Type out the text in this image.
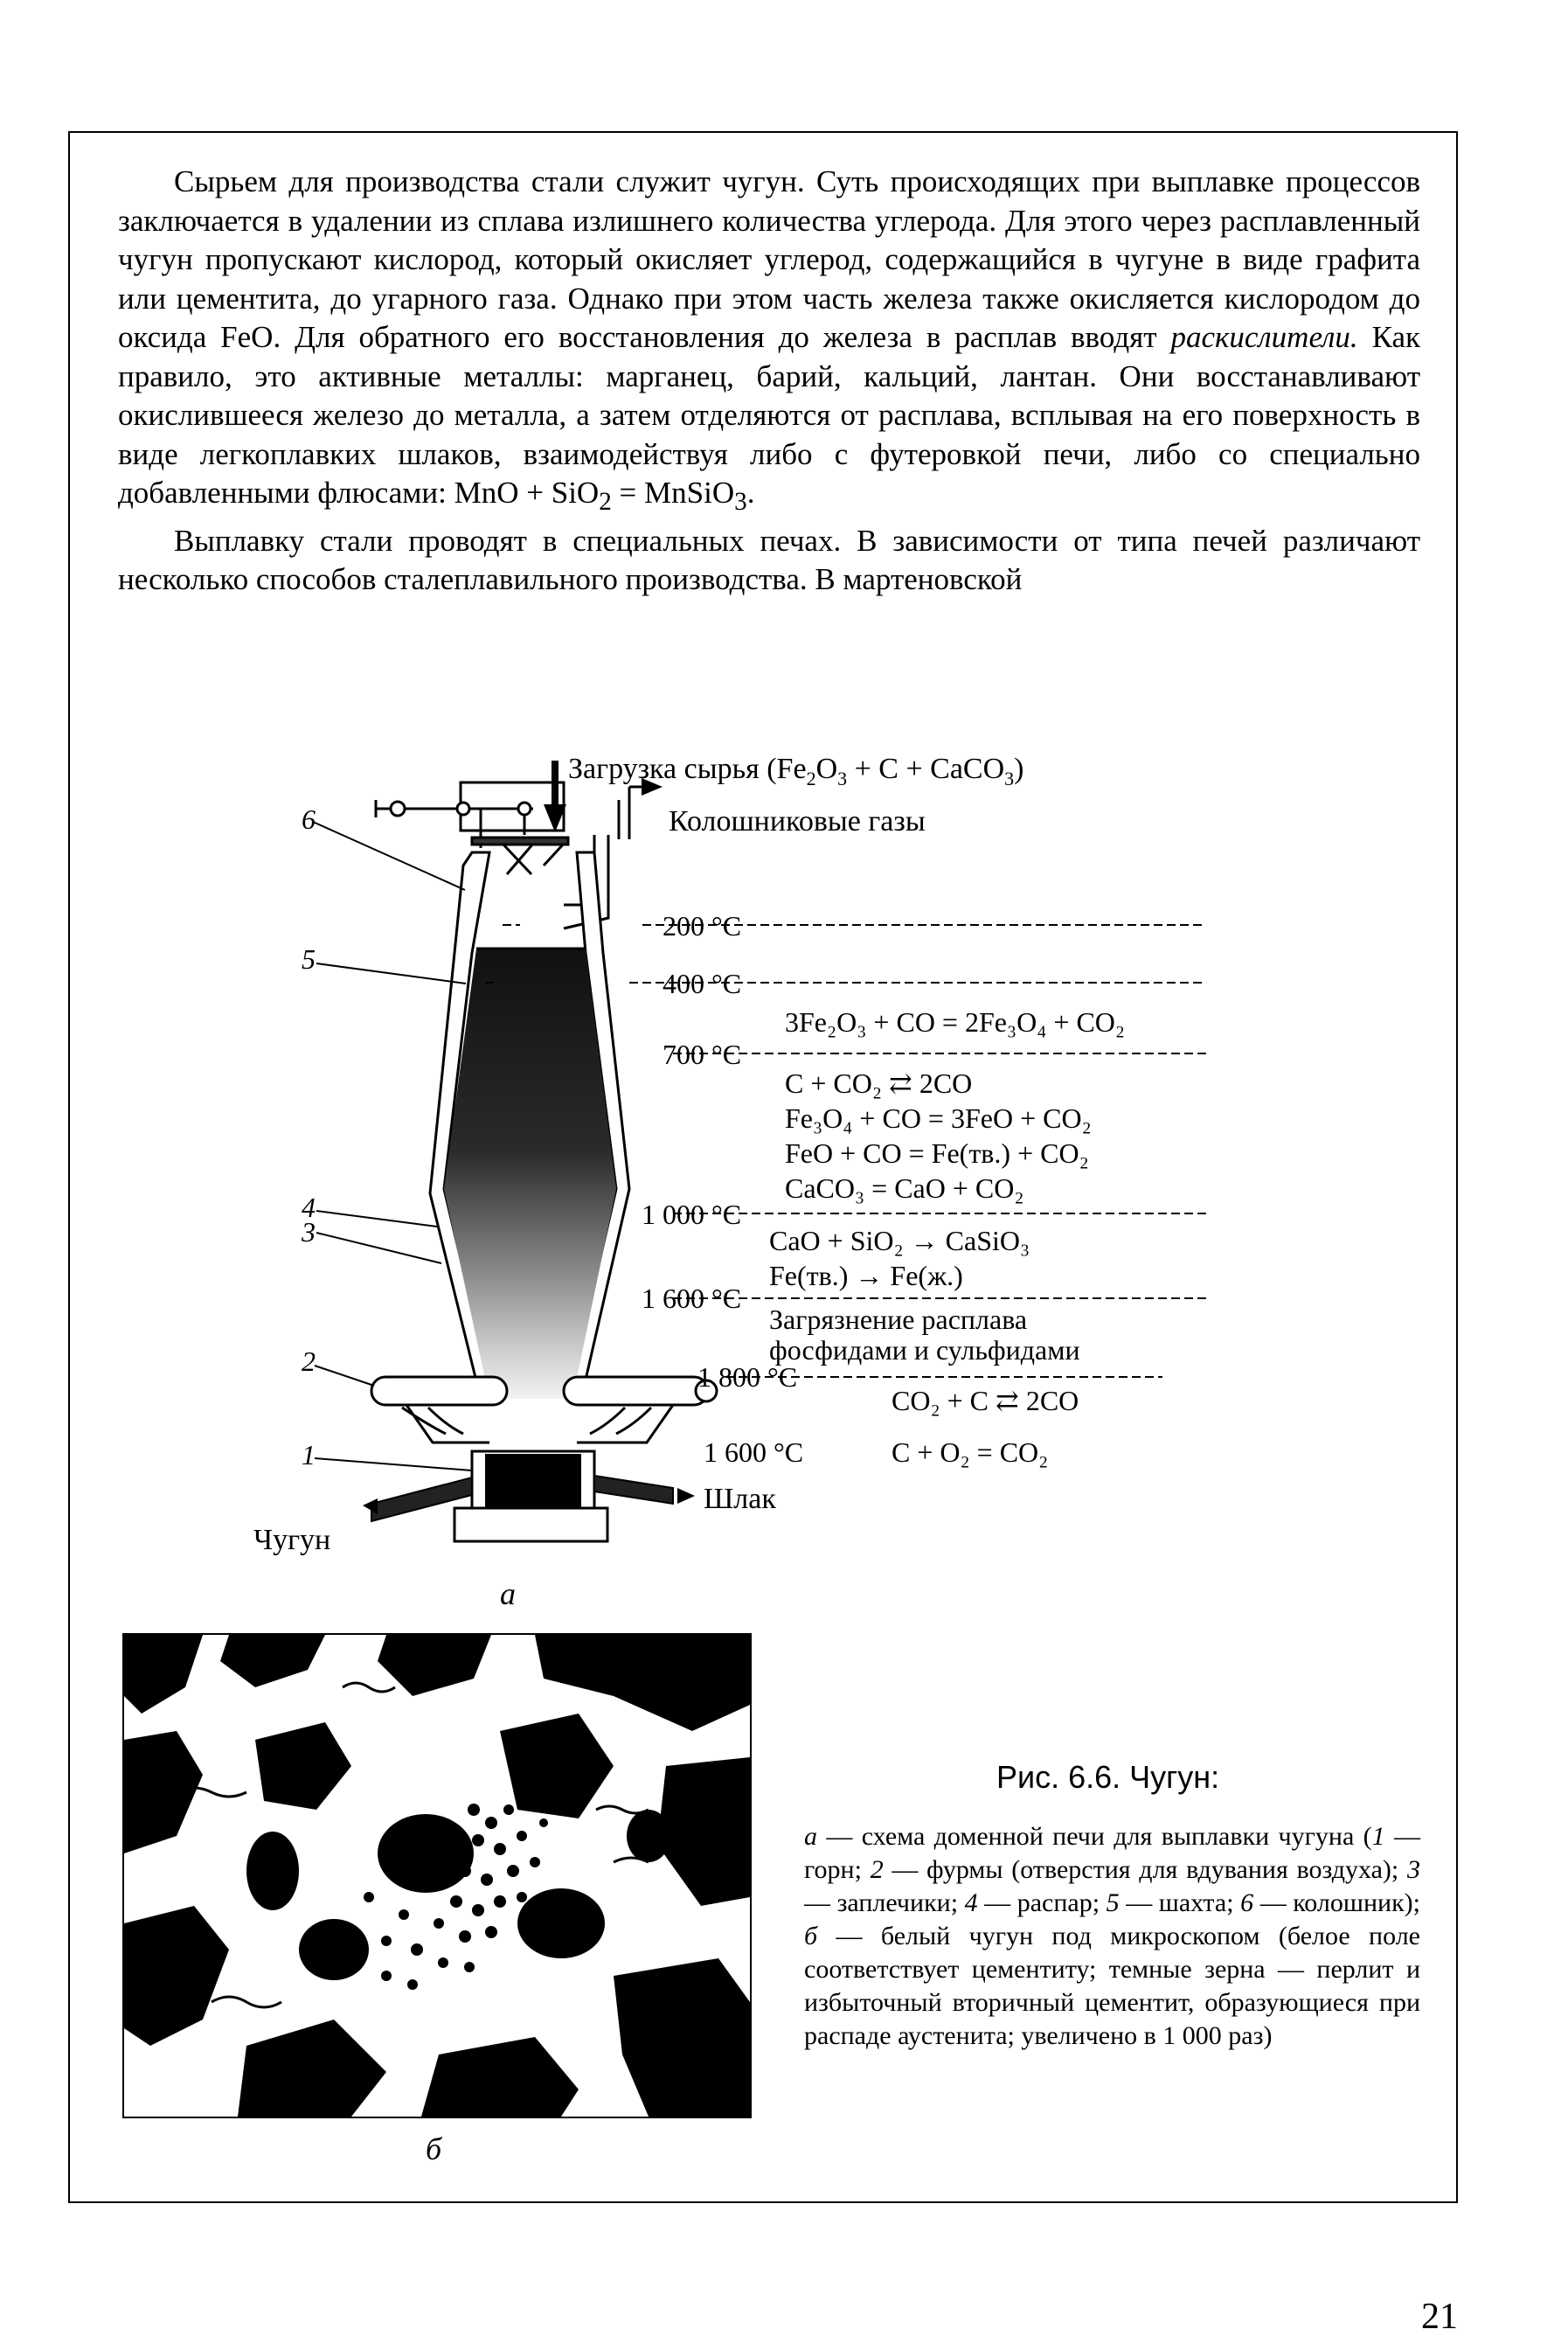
Сырьем для производства стали служит чугун. Суть происходящих при выплавке процессов заключается в удалении из сплава излишнего количества углерода. Для этого через расплавленный чугун пропускают кислород, который окисляет углерод, содержащийся в чугуне в виде графита или цементита, до угарного газа. Однако при этом часть железа также окисляется кислородом до оксида FeO. Для обратного его восстановления до железа в расплав вводят раскислители. Как правило, это активные металлы: марганец, барий, кальций, лантан. Они восстанавливают окислившееся железо до металла, а затем отделяются от расплава, всплывая на его поверхность в виде легкоплавких шлаков, взаимодействуя либо с футеровкой печи, либо со специально добавленными флюсами: MnO + SiO$_2$ = MnSiO$_3$.

Выплавку стали проводят в специальных печах. В зависимости от типа печей различают несколько способов сталеплавильного производства. В мартеновской

Загрузка сырья ($Fe_2O_3 + C$ + CaCO$_3$)
Колошниковые газы
200 °C
400 °C
700 °C
1 000 °C
1 600 °C
1 800 °C
1 600 °C
3Fe₂O₃ + CO = 2Fe₃O₄ + CO₂
C + CO₂ ⇄ 2CO
Fe₃O₄ + CO = 3FeO + CO₂
FeO + CO = Fe(тв.) + CO₂
CaCO₃ = CaO + CO₂
CaO + SiO₂ → CaSiO₃
Fe(тв.) → Fe(ж.)
Загрязнение расплава
фосфидами и сульфидами
CO₂ + C ⇄ 2CO
C + O₂ = CO₂
6
5
4
3
2
1
Чугун
Шлак
а
б
Рис. 6.6. Чугун:
а — схема доменной печи для выплавки чугуна (1 — горн; 2 — фурмы (отверстия для вдувания воздуха); 3 — заплечики; 4 — распар; 5 — шахта; 6 — колошник); б — белый чугун под микроскопом (белое поле соответствует цементиту; темные зерна — перлит и избыточный вторичный цементит, образующиеся при распаде аустенита; увеличено в 1 000 раз)
21
